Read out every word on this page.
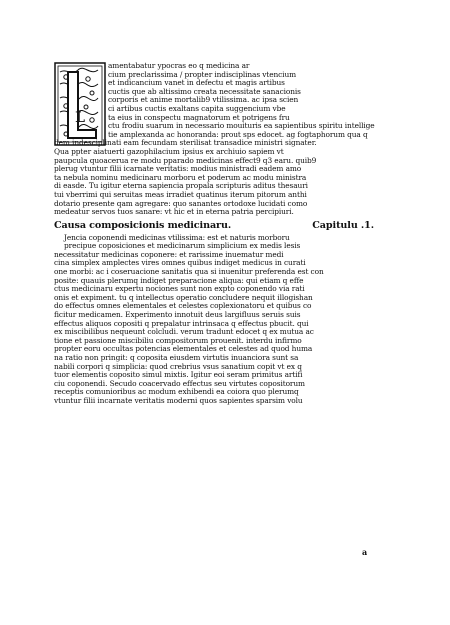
L
amentabatur ypocras eo q medicina ar
cium preclarissima / propter indisciplinas vtencium
et indicancium vanet in defectu et magis artibus
cuctis que ab altissimo creata necessitate sanacionis
corporis et anime mortalib9 vtilissima. ac ipsa scien
ci artibus cuctis exaltans capita suggencium vbe
ta eius in conspectu magnatorum et potrigens fru
ctu frodiu suarum in necessario mouituris ea sapientibus spiritu intellige
tie amplexanda ac honoranda: prout sps edocet. ag fogtaphorum qua q
dem indesciplinati eam fecundam sterilisat transadice ministri signater.
Qua ppter aiatuerti gazophilacium ipsius ex archiuio sapiem vt
paupcula quoacerua re modu pparado medicinas effect9 q3 earu. quib9
plerug vtuntur filii icarnate veritatis: modius ministradi eadem amo
ta nebula nominu medicinaru morboru et poderum ac modu ministra
di easde. Tu igitur eterna sapiencia propala scripturis aditus thesauri
tui vberrimi qui seruitas meas irradiet quatinus iterum pitorum anthi
dotario presente qam agregare: quo sanantes ortodoxe lucidati como
medeatur servos tuos sanare: vt hic et in eterna patria percipiuri.
Causa composicionis medicinaru.	Capitulu .1.
Jencia coponendi medicinas vtilissima: est et naturis morboru
precipue coposiciones et medicinarum simplicium ex medis lesis
necessitatur medicinas coponere: et rarissime inuematur medi
cina simplex amplectes vires omnes quibus indiget medicus in curati
one morbi: ac i coseruacione sanitatis qua si inuenitur preferenda est con
posite: quauis plerumq indiget preparacione aliqua: qui etiam q effe
ctus medicinaru expertu nociones sunt non expto coponendo via rati
onis et expiment. tu q intellectus operatio concludere nequit illogishan
do effectus omnes elementales et celestes coplexionatoru et quibus co
ficitur medicamen. Experimento innotuit deus largifluus seruis suis
effectus aliquos copositi q prepalatur intrinsaca q effectus pbucit. qui
ex miscibilibus nequeunt colcludi. verum tradunt edocet q ex mutua ac
tione et passione miscibiliu compositorum prouenit. interdu infirmo
propter eoru occultas potencias elementales et celestes ad quod huma
na ratio non pringit: q coposita eiusdem virtutis inuanciora sunt sa
nabili corpori q simplicia: quod crebrius vsus sanatium copit vt ex q
tuor elementis coposito simul mixtis. Igitur eoi seram primitus artifi
ciu coponendi. Secudo coacervado effectus seu virtutes copositorum
receptis comunioribus ac modum exhibendi ea coiora quo plerumq
vtuntur filii incarnate veritatis moderni quos sapientes sparsim volu
a
